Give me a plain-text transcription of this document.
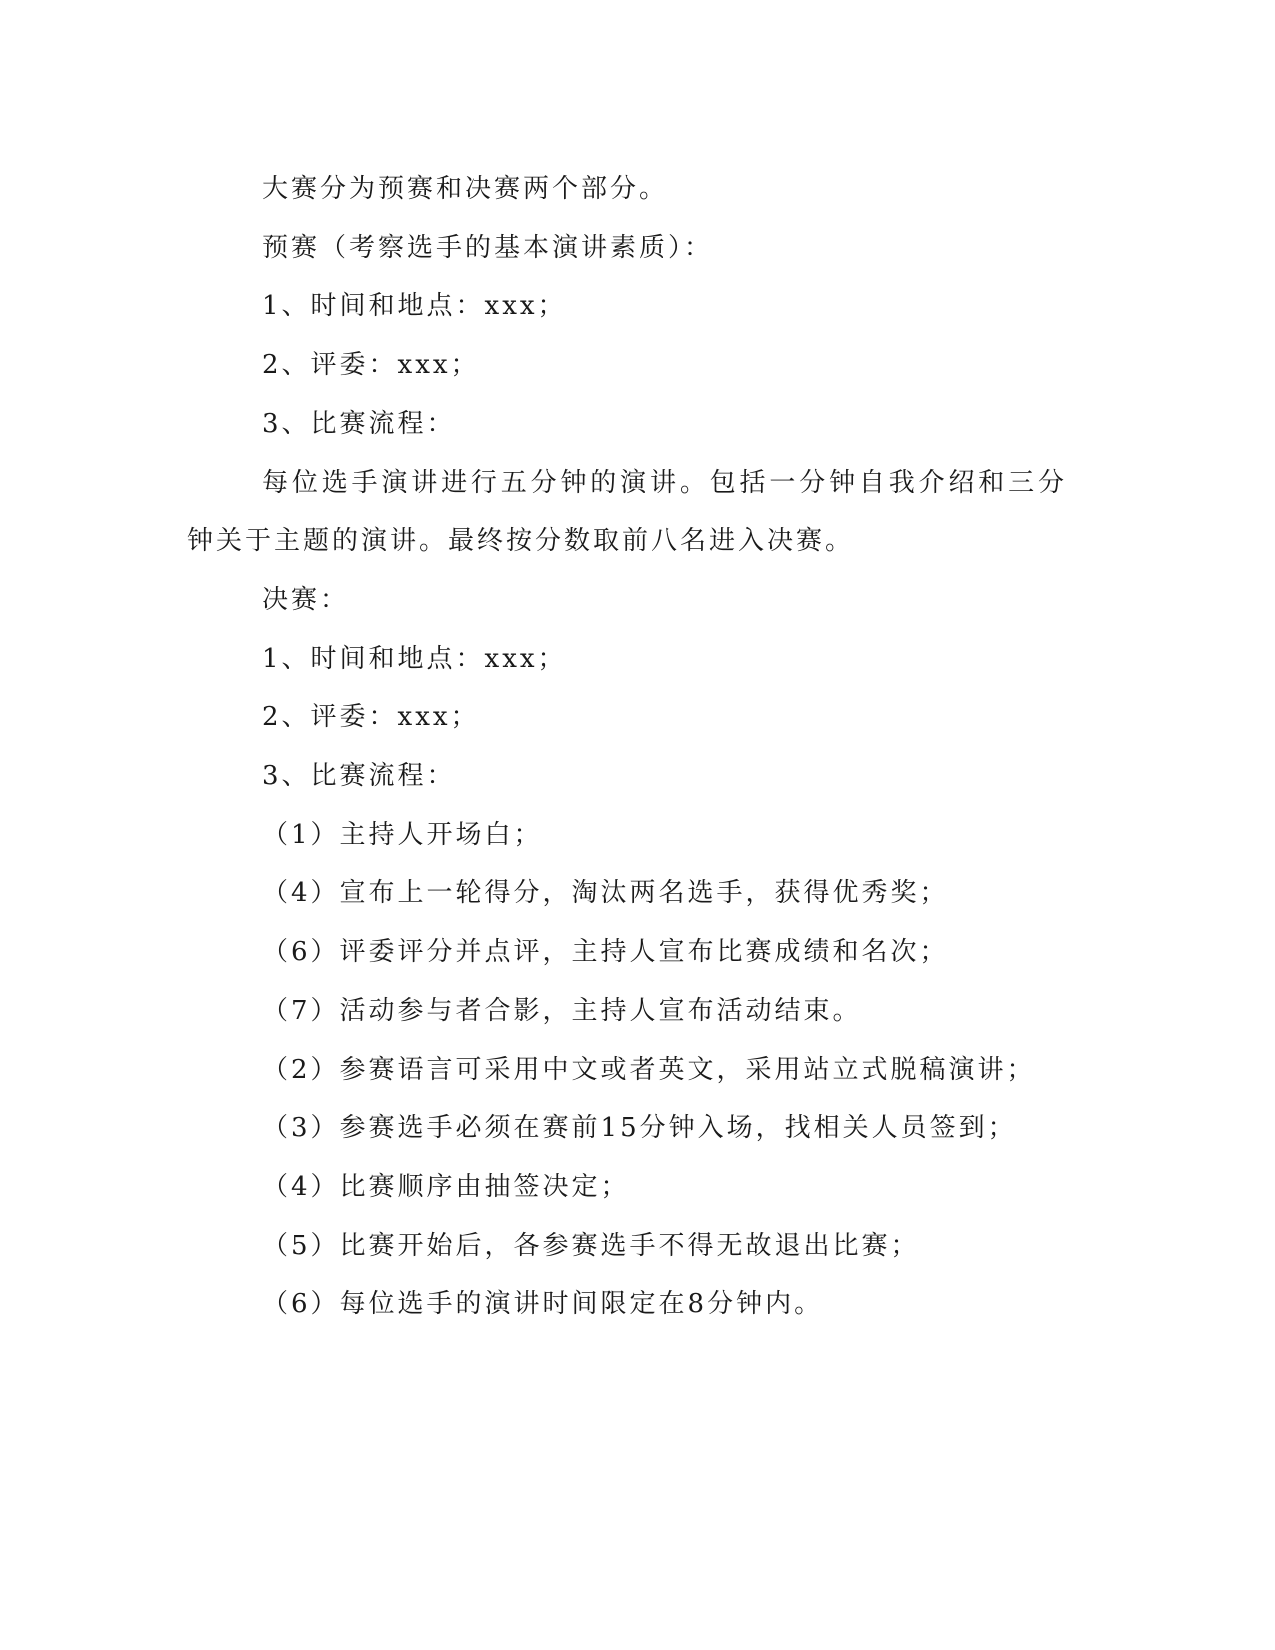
大赛分为预赛和决赛两个部分。

预赛（考察选手的基本演讲素质）：

1、时间和地点：xxx；

2、评委：xxx；

3、比赛流程：

每位选手演讲进行五分钟的演讲。包括一分钟自我介绍和三分钟关于主题的演讲。最终按分数取前八名进入决赛。

决赛：

1、时间和地点：xxx；

2、评委：xxx；

3、比赛流程：

（1）主持人开场白；

（4）宣布上一轮得分，淘汰两名选手，获得优秀奖；

（6）评委评分并点评，主持人宣布比赛成绩和名次；

（7）活动参与者合影，主持人宣布活动结束。

（2）参赛语言可采用中文或者英文，采用站立式脱稿演讲；

（3）参赛选手必须在赛前15分钟入场，找相关人员签到；

（4）比赛顺序由抽签决定；

（5）比赛开始后，各参赛选手不得无故退出比赛；

（6）每位选手的演讲时间限定在8分钟内。
